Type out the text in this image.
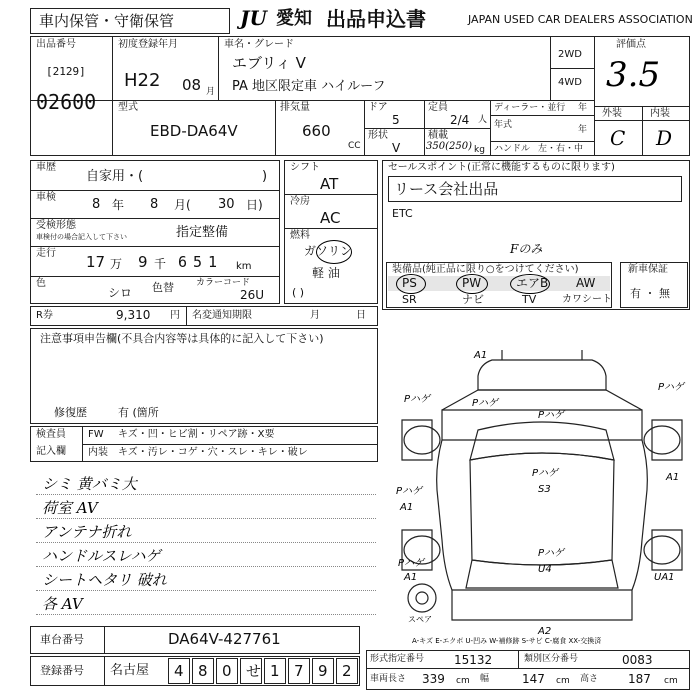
車内保管・守衛保管	JU 愛知 出品申込書	JAPAN USED CAR DEALERS ASSOCIATION
出品番号
[2129]
02600
初度登録年月
H22 08 月
車名・グレード
エブリィ V
PA 地区限定車 ハイルーフ
2WD
4WD
評価点
3.5
外装	内装
C D
型式
EBD-DA64V
排気量
660
CC
ドア
5
形状
V
定員
2/4 人
積載
350(250) kg
ディーラー・並行 年
年式	年
ハンドル 左・右・中
車歴
自家用・(	)
車検	8 年 8 月( 30 日)
受検形態
車検付の場合記入して下さい	指定整備
走行 17 万 9 千 651 km
色
シロ 色替 カラーコード
26U
シフト
AT
冷房
AC
燃料
ガソリン
軽 油
( )
R券	9,310 円 名変通知期限	月	日
セールスポイント(正常に機能するものに限ります)
リース会社出品
ETC
Fのみ
装備品(純正品に限り○をつけてください)	新車保証
有 ・ 無
PS	PW	エアB AW
SR	ナビ	TV	カワシート
注意事項申告欄(不具合内容等は具体的に記入して下さい)
修復歴	有 (箇所
検査員
記入欄
FW キズ・凹・ヒビ割・リペア跡・X要
内装 キズ・汚レ・コゲ・穴・スレ・キレ・破レ
シミ 黄バミ大
荷室 AV
アンテナ折れ
ハンドルスレハゲ
シートヘタリ 破れ
各 AV
車台番号	DA64V-427761
登録番号 名古屋 4 8 0 せ 1 7 9 2
A1
Pハゲ
Pハゲ
Pハゲ
Pハゲ
Pハゲ
S3
Pハゲ
A1
A1
Pハゲ
U4
Pハゲ
A1	UA1
A2
スペア
A-キズ E-エクボ U-凹み W-補修跡 S-サビ C-腐食 XX-交換済
形式指定番号 15132	類別区分番号	0083
車両長さ 339 cm 幅	147 cm 高さ 187 cm
